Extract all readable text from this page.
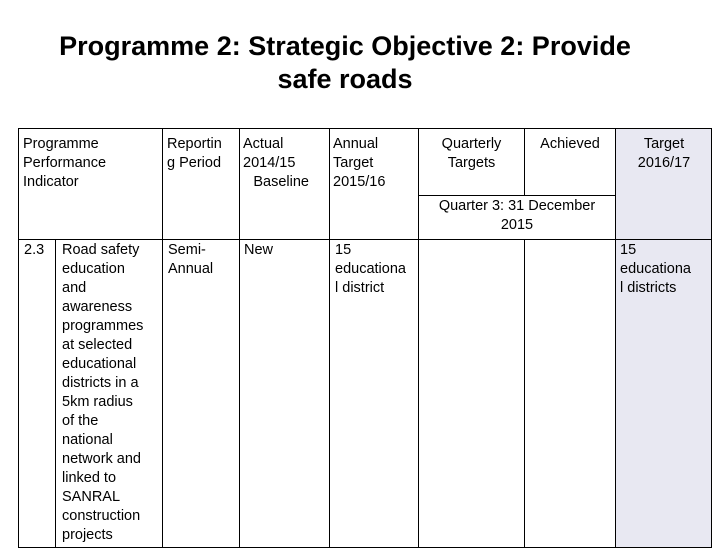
Programme 2: Strategic Objective 2: Provide
safe roads
Programme
Performance
Indicator
Reportin
g Period
Actual
2014/15
Baseline
Annual
Target
2015/16
Quarterly
Targets
Achieved	Target
2016/17
Quarter 3: 31 December
2015
2.3 Road safety
education
and
awareness
programmes
at selected
educational
districts in a
5km radius
of the
national
network and
linked to
SANRAL
construction
projects
Semi-
Annual
New	15
educationa
l district
15
educationa
l districts
